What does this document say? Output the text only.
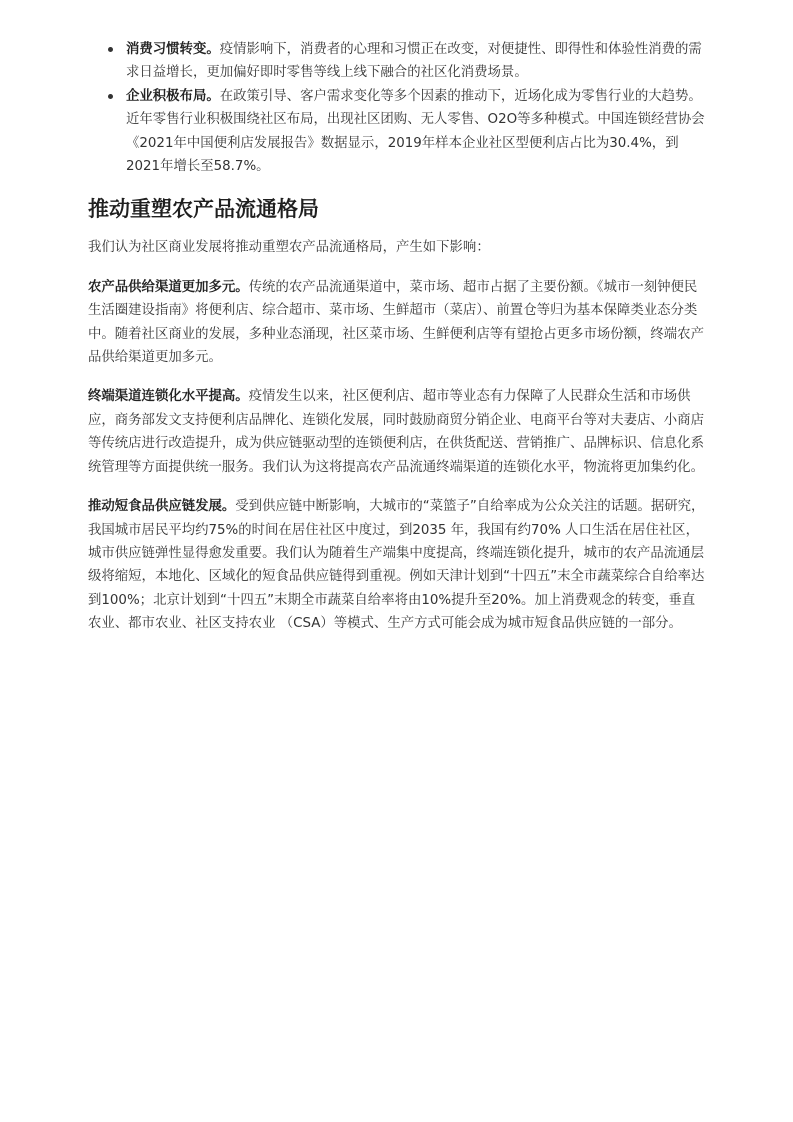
消费习惯转变。疫情影响下，消费者的心理和习惯正在改变，对便捷性、即得性和体验性消费的需求日益增长，更加偏好即时零售等线上线下融合的社区化消费场景。
企业积极布局。在政策引导、客户需求变化等多个因素的推动下，近场化成为零售行业的大趋势。近年零售行业积极围绕社区布局，出现社区团购、无人零售、O2O等多种模式。中国连锁经营协会《2021年中国便利店发展报告》数据显示，2019年样本企业社区型便利店占比为30.4%，到2021年增长至58.7%。
推动重塑农产品流通格局

我们认为社区商业发展将推动重塑农产品流通格局，产生如下影响：

农产品供给渠道更加多元。传统的农产品流通渠道中，菜市场、超市占据了主要份额。《城市一刻钟便民生活圈建设指南》将便利店、综合超市、菜市场、生鲜超市（菜店）、前置仓等归为基本保障类业态分类中。随着社区商业的发展，多种业态涌现，社区菜市场、生鲜便利店等有望抢占更多市场份额，终端农产品供给渠道更加多元。

终端渠道连锁化水平提高。疫情发生以来，社区便利店、超市等业态有力保障了人民群众生活和市场供应，商务部发文支持便利店品牌化、连锁化发展，同时鼓励商贸分销企业、电商平台等对夫妻店、小商店等传统店进行改造提升，成为供应链驱动型的连锁便利店，在供货配送、营销推广、品牌标识、信息化系统管理等方面提供统一服务。我们认为这将提高农产品流通终端渠道的连锁化水平，物流将更加集约化。

推动短食品供应链发展。受到供应链中断影响，大城市的“菜篮子”自给率成为公众关注的话题。据研究，我国城市居民平均约75%的时间在居住社区中度过，到2035 年，我国有约70% 人口生活在居住社区，城市供应链弹性显得愈发重要。我们认为随着生产端集中度提高，终端连锁化提升，城市的农产品流通层级将缩短，本地化、区域化的短食品供应链得到重视。例如天津计划到“十四五”末全市蔬菜综合自给率达到100%；北京计划到“十四五”末期全市蔬菜自给率将由10%提升至20%。加上消费观念的转变，垂直农业、都市农业、社区支持农业 （CSA）等模式、生产方式可能会成为城市短食品供应链的一部分。
